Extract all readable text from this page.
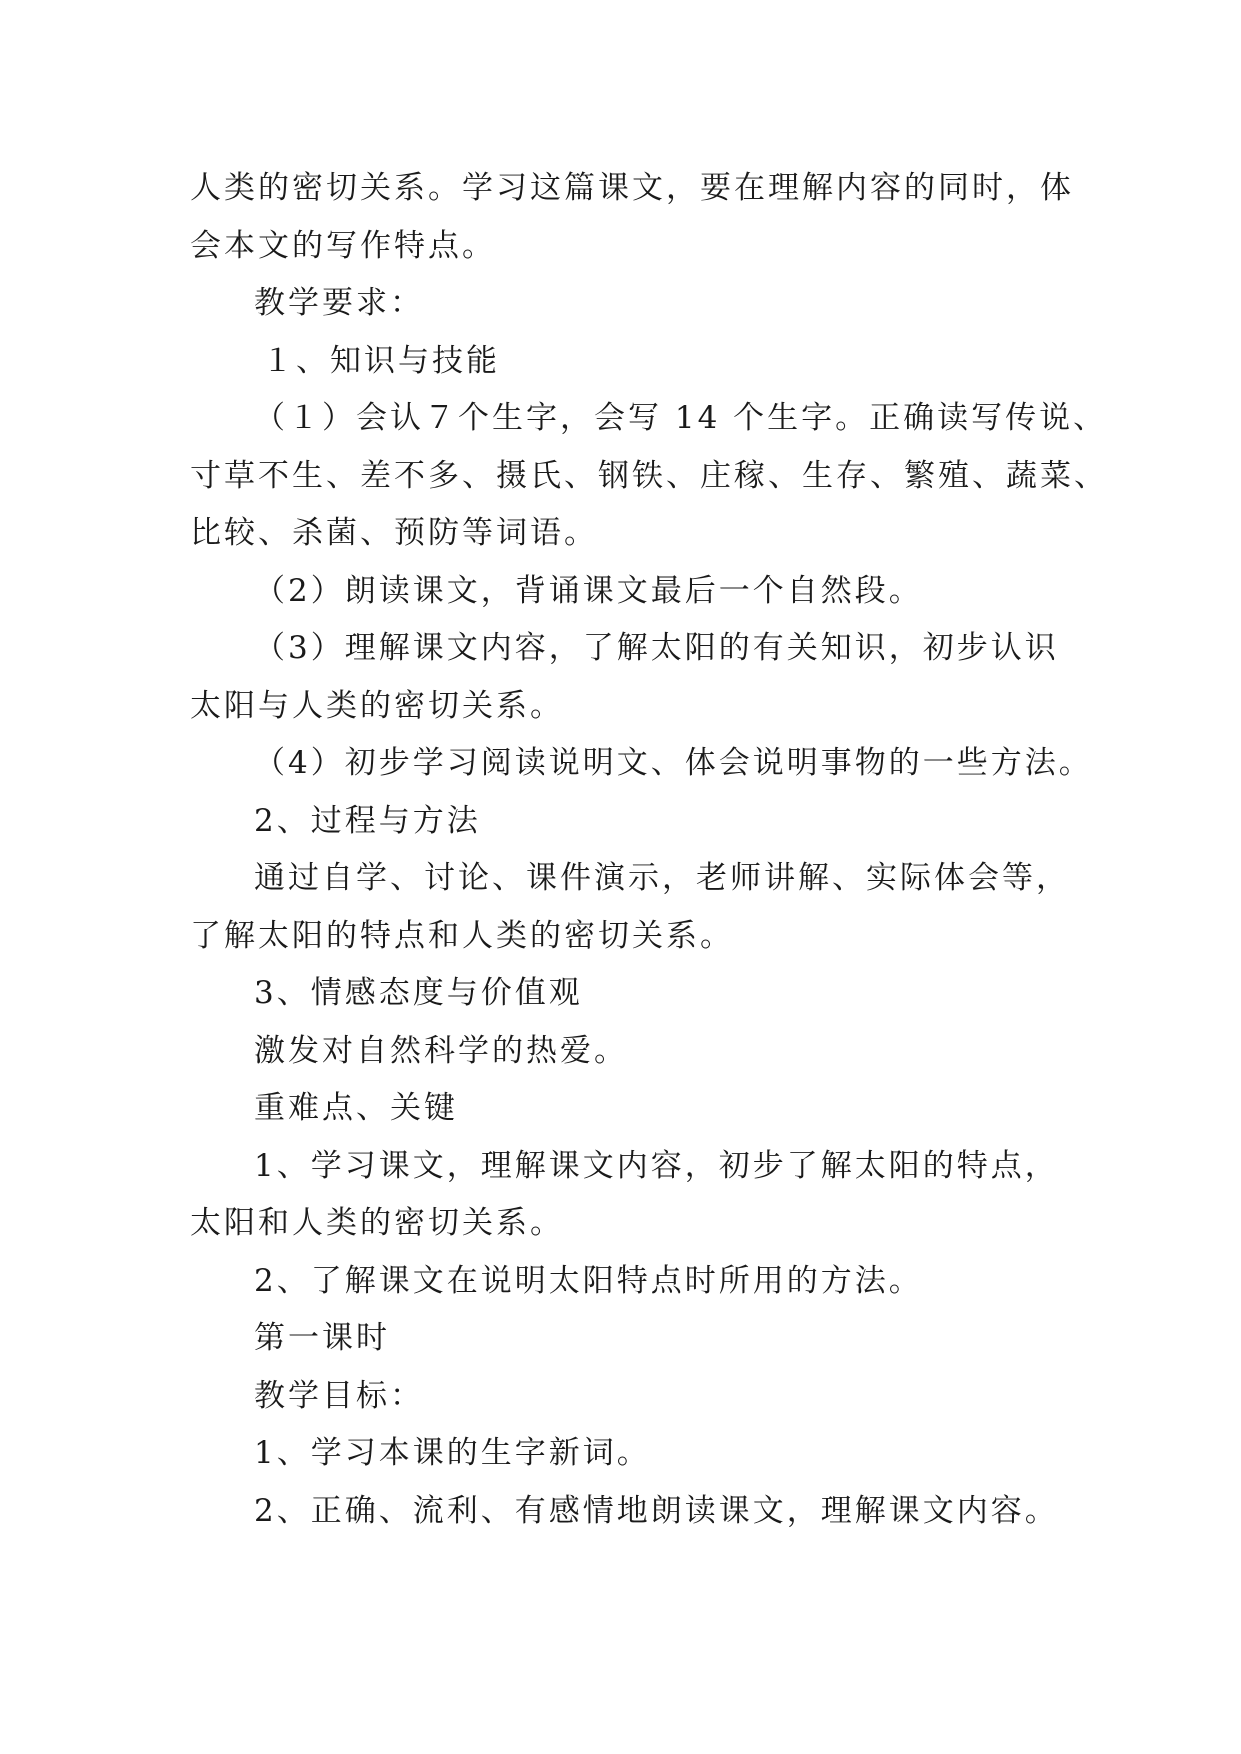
人类的密切关系。学习这篇课文，要在理解内容的同时，体
会本文的写作特点。
教学要求：
１、知识与技能
（１）会认７个生字，会写 14 个生字。正确读写传说、
寸草不生、差不多、摄氏、钢铁、庄稼、生存、繁殖、蔬菜、
比较、杀菌、预防等词语。
（2）朗读课文，背诵课文最后一个自然段。
（3）理解课文内容，了解太阳的有关知识，初步认识
太阳与人类的密切关系。
（4）初步学习阅读说明文、体会说明事物的一些方法。
2、过程与方法
通过自学、讨论、课件演示，老师讲解、实际体会等，
了解太阳的特点和人类的密切关系。
3、情感态度与价值观
激发对自然科学的热爱。
重难点、关键
1、学习课文，理解课文内容，初步了解太阳的特点，
太阳和人类的密切关系。
2、了解课文在说明太阳特点时所用的方法。
第一课时
教学目标：
1、学习本课的生字新词。
2、正确、流利、有感情地朗读课文，理解课文内容。
